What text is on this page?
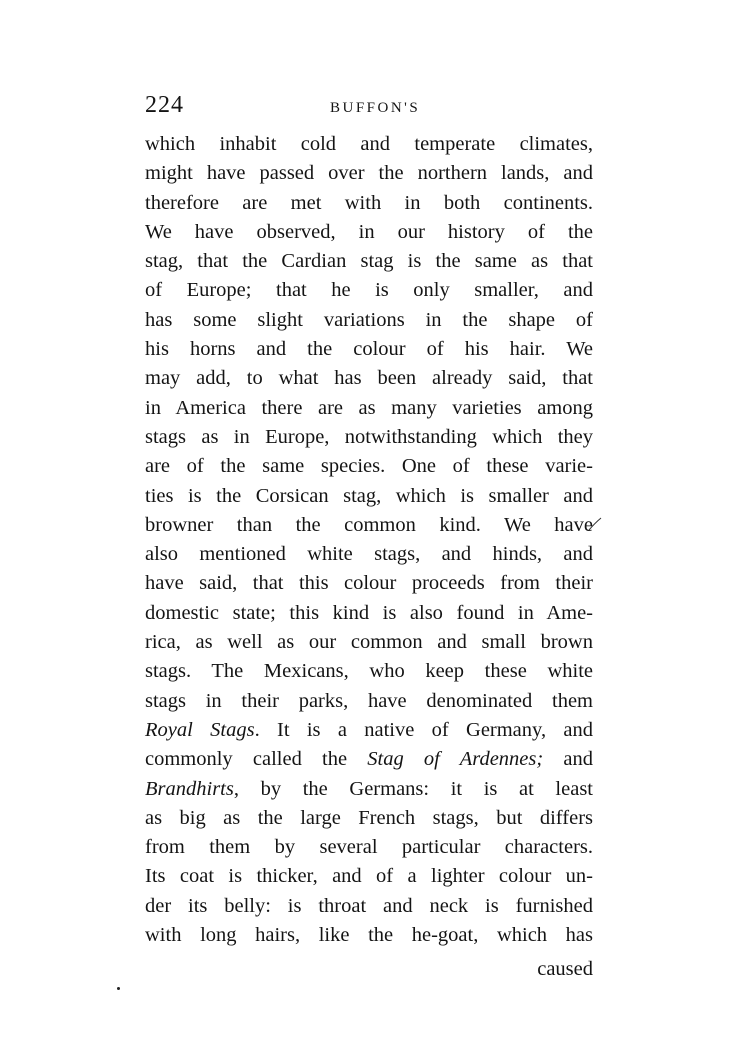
224	BUFFON'S
which inhabit cold and temperate climates,
might have passed over the northern lands, and
therefore are met with in both continents.
We have observed, in our history of the
stag, that the Cardian stag is the same as that
of Europe; that he is only smaller, and
has some slight variations in the shape of
his horns and the colour of his hair. We
may add, to what has been already said, that
in America there are as many varieties among
stags as in Europe, notwithstanding which they
are of the same species. One of these varie-
ties is the Corsican stag, which is smaller and
browner than the common kind. We have
also mentioned white stags, and hinds, and
have said, that this colour proceeds from their
domestic state; this kind is also found in Ame-
rica, as well as our common and small brown
stags. The Mexicans, who keep these white
stags in their parks, have denominated them
Royal Stags. It is a native of Germany, and
commonly called the Stag of Ardennes; and
Brandhirts, by the Germans: it is at least
as big as the large French stags, but differs
from them by several particular characters.
Its coat is thicker, and of a lighter colour un-
der its belly: is throat and neck is furnished
with long hairs, like the he-goat, which has
caused
